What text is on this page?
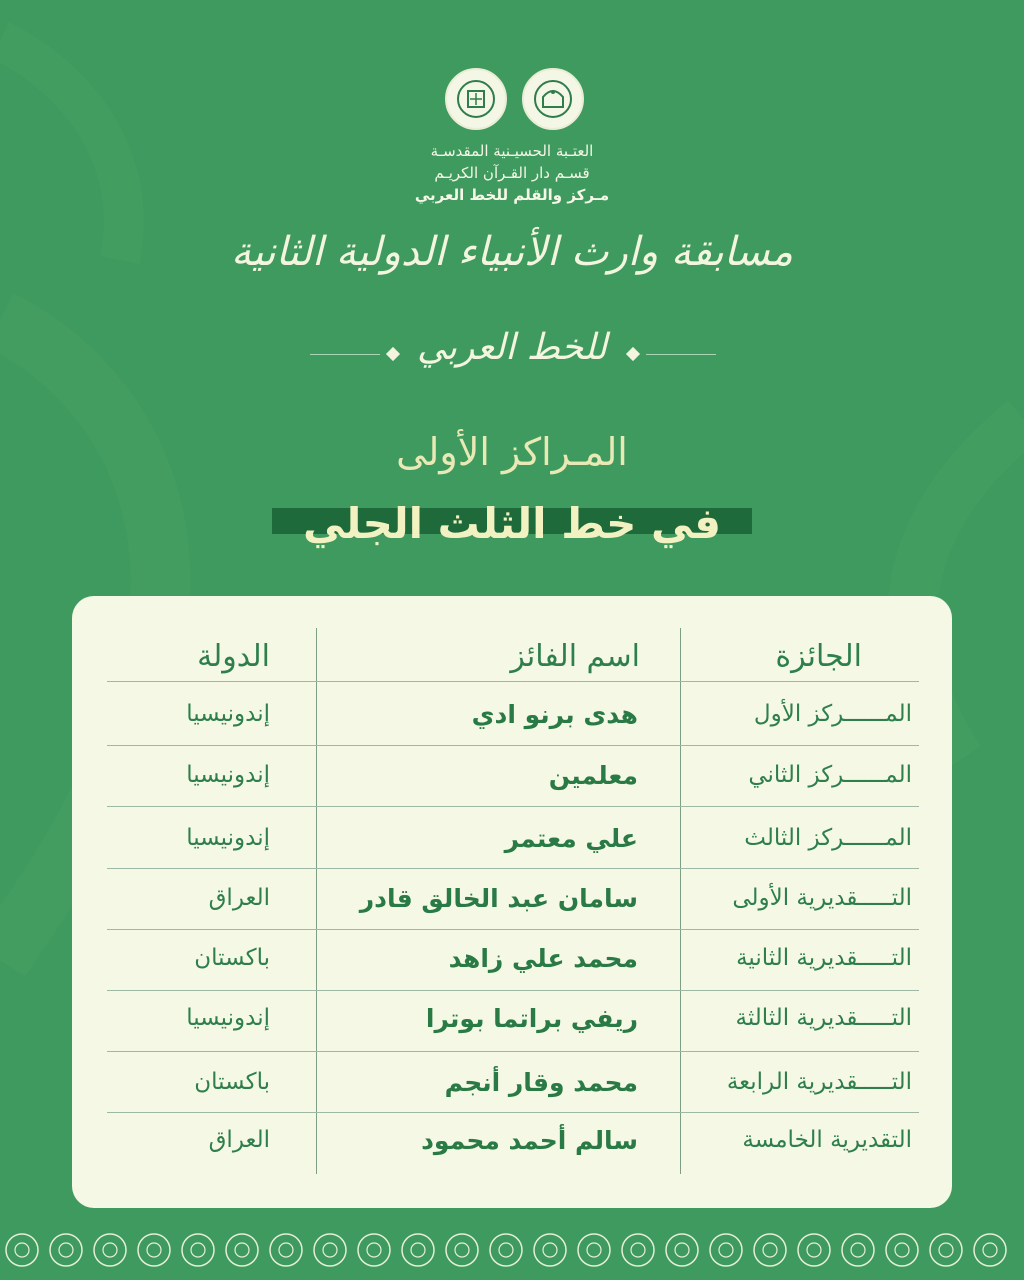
العتـبة الحسيـنية المقدسـة
قسـم دار القـرآن الكريـم
مـركز والقلم للخط العربي
مسابقة وارث الأنبياء الدولية الثانية
للخط العربي
المـراكز الأولى
في خط الثلث الجلي
الجائزة
اسم الفائز
الدولة
المــــــركز الأول
هدى برنو ادي
إندونيسيا
المــــــركز الثاني
معلمين
إندونيسيا
المــــــركز الثالث
علي معتمر
إندونيسيا
التـــــقديرية الأولى
سامان عبد الخالق قادر
العراق
التـــــقديرية الثانية
محمد علي زاهد
باكستان
التـــــقديرية الثالثة
ريفي براتما بوترا
إندونيسيا
التـــــقديرية الرابعة
محمد وقار أنجم
باكستان
التقديرية الخامسة
سالم أحمد محمود
العراق
